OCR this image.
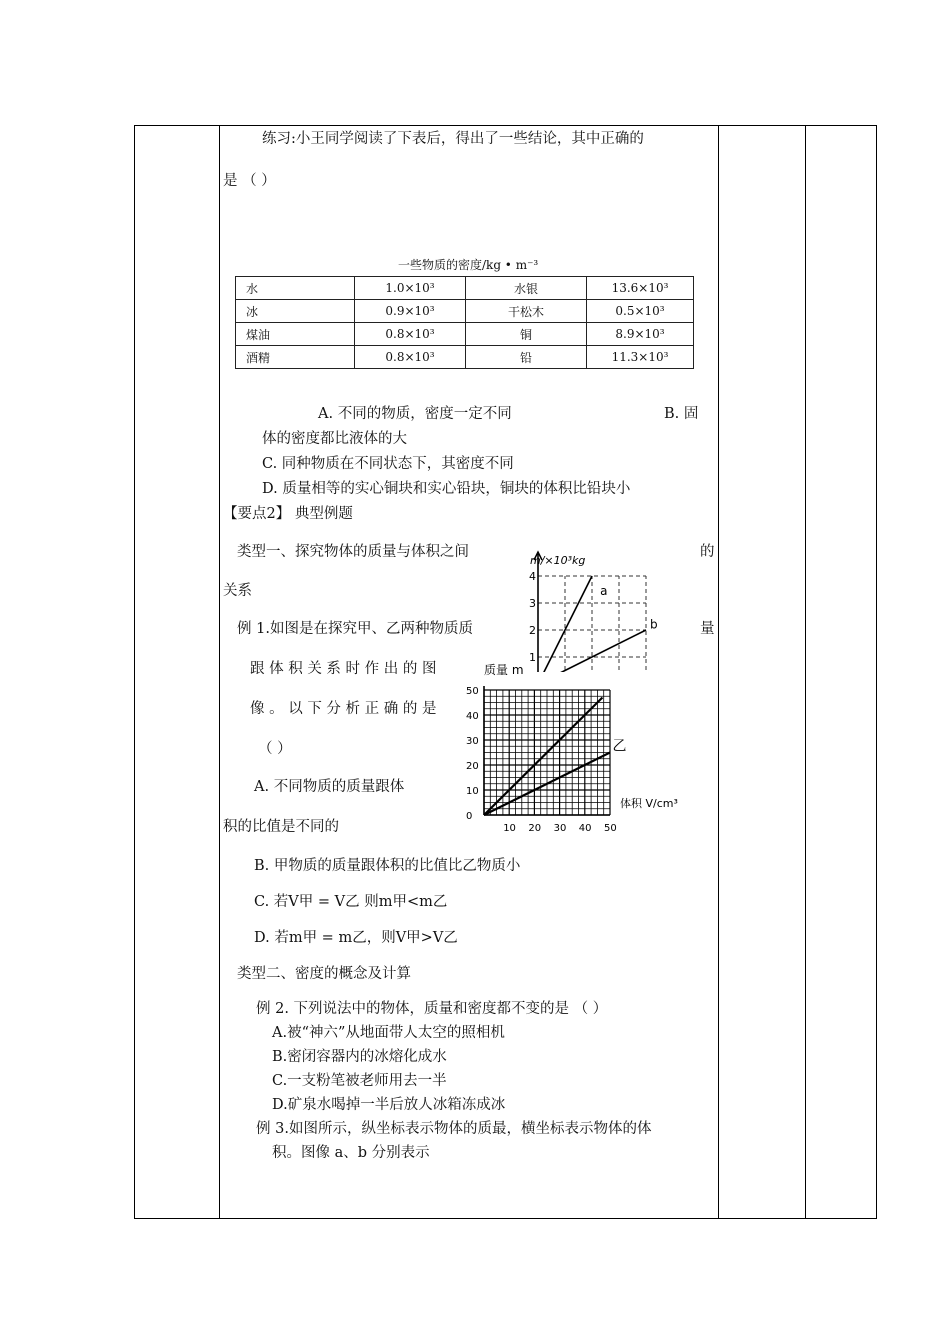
练习:小王同学阅读了下表后，得出了一些结论，其中正确的
是 （ ）
一些物质的密度/kg • m⁻³
水	1.0×10³	水银	13.6×10³
冰	0.9×10³	干松木	0.5×10³
煤油	0.8×10³	铜	8.9×10³
酒精	0.8×10³	铅	11.3×10³
A. 不同的物质，密度一定不同	B. 固
体的密度都比液体的大
C. 同种物质在不同状态下，其密度不同
D. 质量相等的实心铜块和实心铅块，铜块的体积比铅块小
【要点2】 典型例题
类型一、探究物体的质量与体积之间	的
关系
例 1.如图是在探究甲、乙两种物质质	量
跟 体 积 关 系 时 作 出 的 图
像 。 以 下 分 析 正 确 的 是
（ ）
A. 不同物质的质量跟体
积的比值是不同的
B. 甲物质的质量跟体积的比值比乙物质小
C. 若V甲 = V乙 则m甲<m乙
D. 若m甲 = m乙，则V甲>V乙
a
b
1
2
3
4
m/×10³kg
乙
10 20 30 40 50
0
10
20
30
40
50
质量 m
体积 V/cm³
类型二、密度的概念及计算
例 2. 下列说法中的物体，质量和密度都不变的是 （ ）
A.被“神六”从地面带人太空的照相机
B.密闭容器内的冰熔化成水
C.一支粉笔被老师用去一半
D.矿泉水喝掉一半后放人冰箱冻成冰
例 3.如图所示，纵坐标表示物体的质最，横坐标表示物体的体
积。图像 a、b 分别表示
